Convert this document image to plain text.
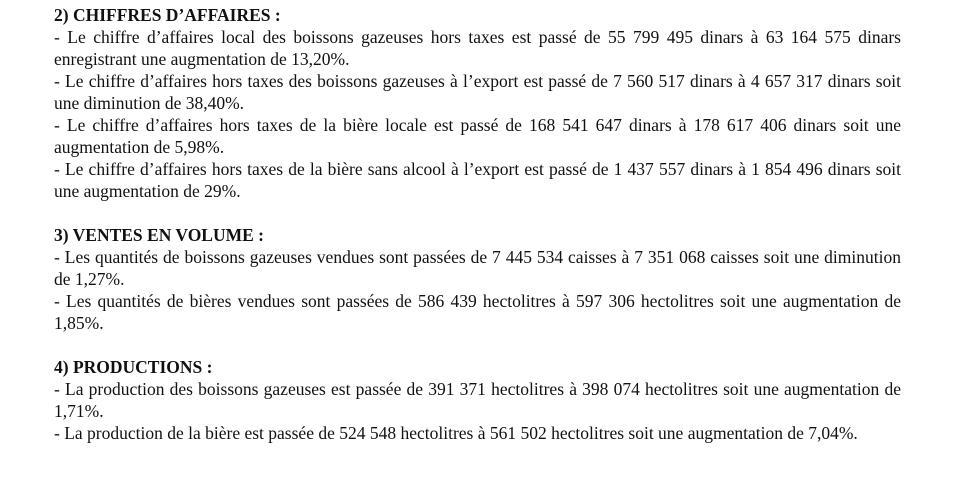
2) CHIFFRES D’AFFAIRES :

- Le chiffre d’affaires local des boissons gazeuses hors taxes est passé de 55 799 495 dinars à 63 164 575 dinars enregistrant une augmentation de 13,20%.

- Le chiffre d’affaires hors taxes des boissons gazeuses à l’export est passé de 7 560 517 dinars à 4 657 317 dinars soit une diminution de 38,40%.

- Le chiffre d’affaires hors taxes de la bière locale est passé de 168 541 647 dinars à 178 617 406 dinars soit une augmentation de 5,98%.

- Le chiffre d’affaires hors taxes de la bière sans alcool à l’export est passé de 1 437 557 dinars à 1 854 496 dinars soit une augmentation de 29%.

3) VENTES EN VOLUME :

- Les quantités de boissons gazeuses vendues sont passées de 7 445 534 caisses à 7 351 068 caisses soit une diminution de 1,27%.

- Les quantités de bières vendues sont passées de 586 439 hectolitres à 597 306 hectolitres soit une augmentation de 1,85%.

4) PRODUCTIONS :

- La production des boissons gazeuses est passée de 391 371 hectolitres à 398 074 hectolitres soit une augmentation de 1,71%.

- La production de la bière est passée de 524 548 hectolitres à 561 502 hectolitres soit une augmentation de 7,04%.
